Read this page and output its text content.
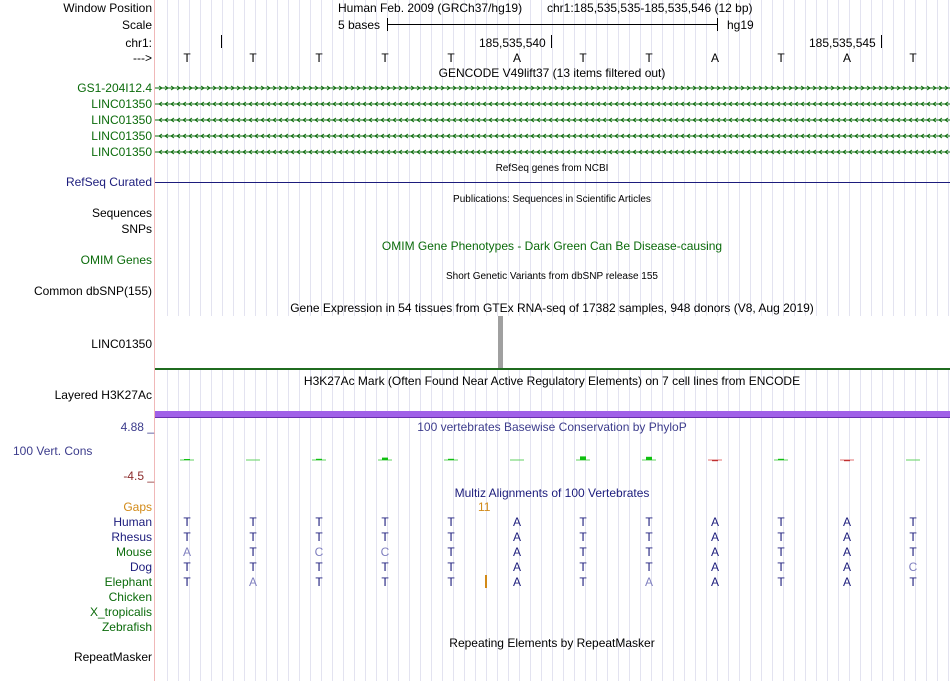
Window Position
Scale
chr1:
--->
Human Feb. 2009 (GRCh37/hg19) chr1:185,535,535-185,535,546 (12 bp)
5 bases	hg19
185,535,540	185,535,545
T	T	T	T	T	A	T	T	A	T	A	T
GENCODE V49lift37 (13 items filtered out)
GS1-204I12.4
LINC01350
LINC01350
LINC01350
LINC01350
RefSeq genes from NCBI
RefSeq Curated
Publications: Sequences in Scientific Articles
Sequences
SNPs
OMIM Gene Phenotypes - Dark Green Can Be Disease-causing
OMIM Genes
Short Genetic Variants from dbSNP release 155
Common dbSNP(155)
Gene Expression in 54 tissues from GTEx RNA-seq of 17382 samples, 948 donors (V8, Aug 2019)
LINC01350
H3K27Ac Mark (Often Found Near Active Regulatory Elements) on 7 cell lines from ENCODE
Layered H3K27Ac
100 vertebrates Basewise Conservation by PhyloP
4.88 _
100 Vert. Cons
-4.5 _
Multiz Alignments of 100 Vertebrates
Gaps	11
Human	T	T	T	T	T	A	T	T	A	T	A	T
Rhesus	T	T	T	T	T	A	T	T	A	T	A	T
Mouse	A	T	C	C	T	A	T	T	A	T	A	T
Dog	T	T	T	T	T	A	T	T	A	T	A	C
Elephant	T	A	T	T	T	A	T	A	A	T	A	T
Chicken
X_tropicalis
Zebrafish
Repeating Elements by RepeatMasker
RepeatMasker
